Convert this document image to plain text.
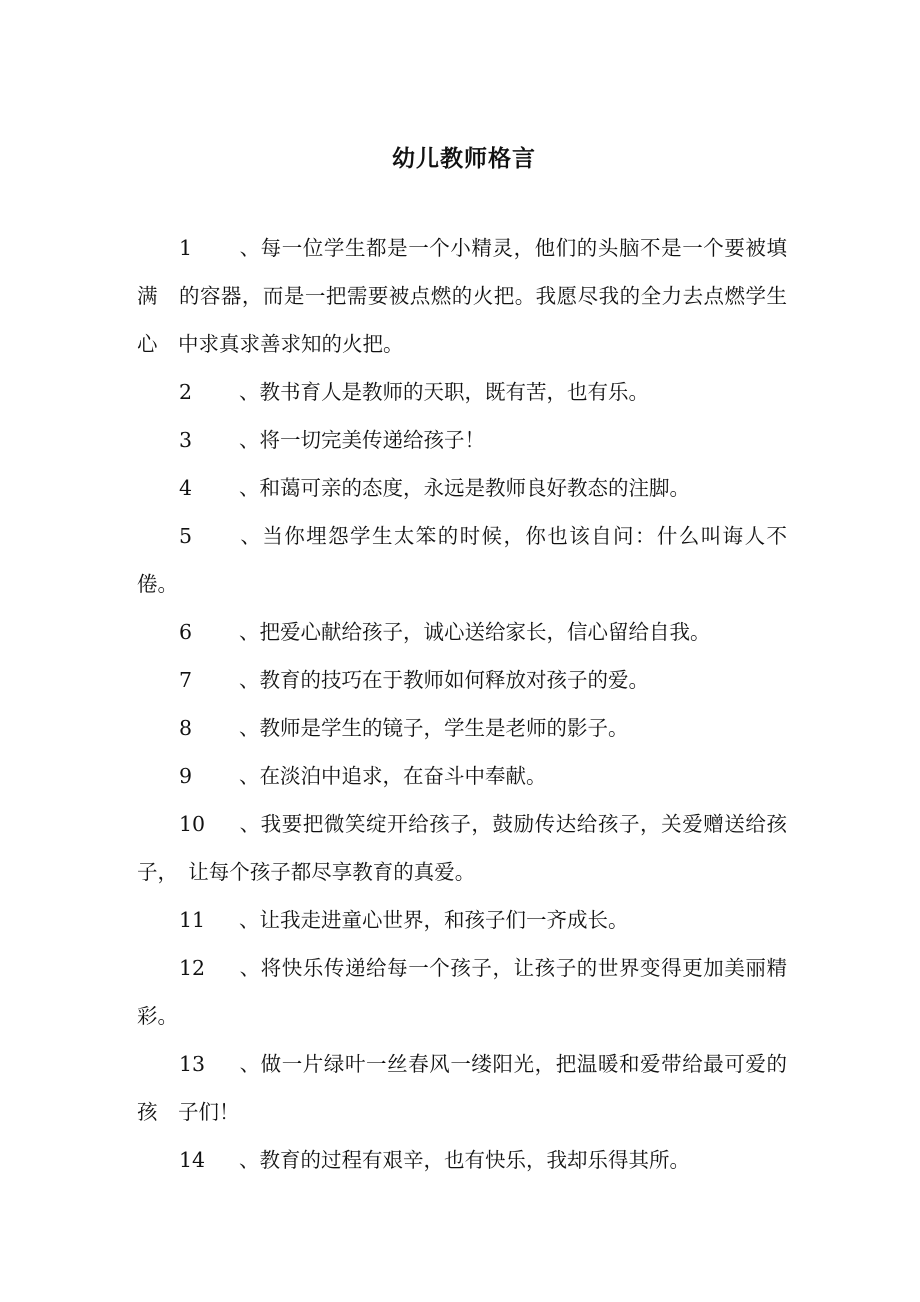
幼儿教师格言

1 、每一位学生都是一个小精灵，他们的头脑不是一个要被填满　的容器，而是一把需要被点燃的火把。我愿尽我的全力去点燃学生心　中求真求善求知的火把。

2 、教书育人是教师的天职，既有苦，也有乐。

3 、将一切完美传递给孩子！

4 、和蔼可亲的态度，永远是教师良好教态的注脚。

5 、当你埋怨学生太笨的时候，你也该自问：什么叫诲人不倦。

6 、把爱心献给孩子，诚心送给家长，信心留给自我。

7 、教育的技巧在于教师如何释放对孩子的爱。

8 、教师是学生的镜子，学生是老师的影子。

9 、在淡泊中追求，在奋斗中奉献。

10 、我要把微笑绽开给孩子，鼓励传达给孩子，关爱赠送给孩子，　让每个孩子都尽享教育的真爱。

11 、让我走进童心世界，和孩子们一齐成长。

12 、将快乐传递给每一个孩子，让孩子的世界变得更加美丽精彩。

13 、做一片绿叶一丝春风一缕阳光，把温暖和爱带给最可爱的孩　子们！

14 、教育的过程有艰辛，也有快乐，我却乐得其所。
